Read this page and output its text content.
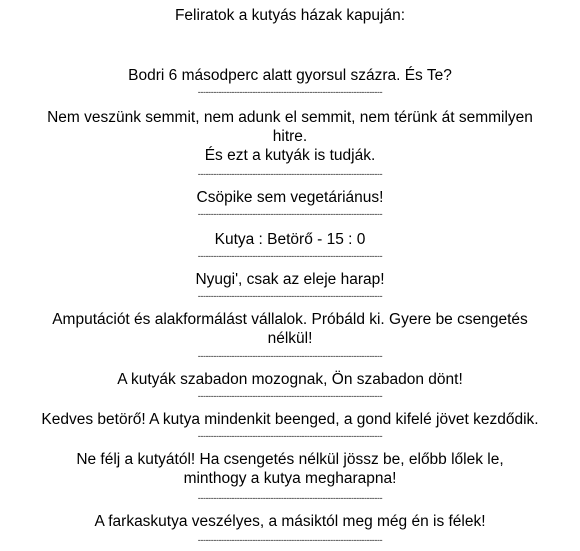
Feliratok a kutyás házak kapuján:
Bodri 6 másodperc alatt gyorsul százra. És Te?
-----------------------------------------------------------------------
Nem veszünk semmit, nem adunk el semmit, nem térünk át semmilyen
hitre.
És ezt a kutyák is tudják.
-----------------------------------------------------------------------
Csöpike sem vegetáriánus!
-----------------------------------------------------------------------
Kutya : Betörő - 15 : 0
-----------------------------------------------------------------------
Nyugi', csak az eleje harap!
-----------------------------------------------------------------------
Amputációt és alakformálást vállalok. Próbáld ki. Gyere be csengetés
nélkül!
-----------------------------------------------------------------------
A kutyák szabadon mozognak, Ön szabadon dönt!
-----------------------------------------------------------------------
Kedves betörő! A kutya mindenkit beenged, a gond kifelé jövet kezdődik.
-----------------------------------------------------------------------
Ne félj a kutyától! Ha csengetés nélkül jössz be, előbb lőlek le,
minthogy a kutya megharapna!
-----------------------------------------------------------------------
A farkaskutya veszélyes, a másiktól meg még én is félek!
-----------------------------------------------------------------------
